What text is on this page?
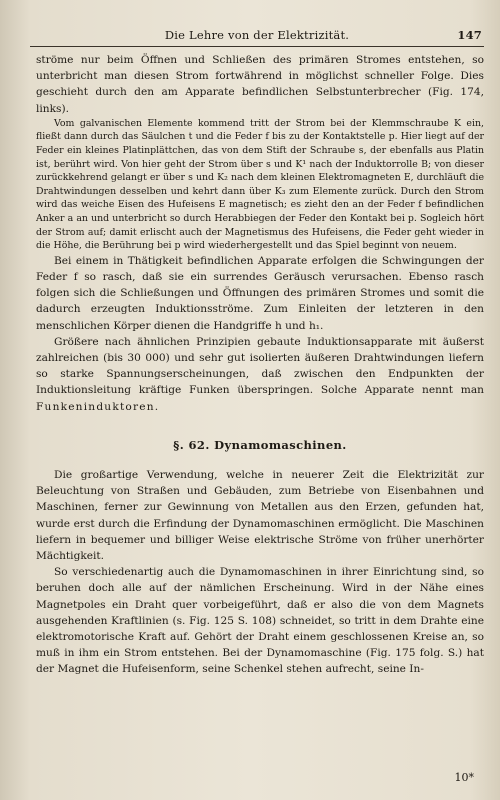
Die Lehre von der Elektrizität.	147

ströme nur beim Öffnen und Schließen des primären Stromes entstehen, so unterbricht man diesen Strom fortwährend in möglichst schneller Folge. Dies geschieht durch den am Apparate befindlichen Selbstunterbrecher (Fig. 174, links).

Vom galvanischen Elemente kommend tritt der Strom bei der Klemmschraube K ein, fließt dann durch das Säulchen t und die Feder f bis zu der Kontaktstelle p. Hier liegt auf der Feder ein kleines Platinplättchen, das von dem Stift der Schraube s, der ebenfalls aus Platin ist, berührt wird. Von hier geht der Strom über s und K¹ nach der Induktorrolle B; von dieser zurückkehrend gelangt er über s und K₂ nach dem kleinen Elektromagneten E, durchläuft die Drahtwindungen desselben und kehrt dann über K₃ zum Elemente zurück. Durch den Strom wird das weiche Eisen des Hufeisens E magnetisch; es zieht den an der Feder f befindlichen Anker a an und unterbricht so durch Herabbiegen der Feder den Kontakt bei p. Sogleich hört der Strom auf; damit erlischt auch der Magnetismus des Hufeisens, die Feder geht wieder in die Höhe, die Berührung bei p wird wiederhergestellt und das Spiel beginnt von neuem.

Bei einem in Thätigkeit befindlichen Apparate erfolgen die Schwingungen der Feder f so rasch, daß sie ein surrendes Geräusch verursachen. Ebenso rasch folgen sich die Schließungen und Öffnungen des primären Stromes und somit die dadurch erzeugten Induktionsströme. Zum Einleiten der letzteren in den menschlichen Körper dienen die Handgriffe h und h₁.

Größere nach ähnlichen Prinzipien gebaute Induktionsapparate mit äußerst zahlreichen (bis 30 000) und sehr gut isolierten äußeren Drahtwindungen liefern so starke Spannungserscheinungen, daß zwischen den Endpunkten der Induktionsleitung kräftige Funken überspringen. Solche Apparate nennt man Funkeninduktoren.

§. 62. Dynamomaschinen.

Die großartige Verwendung, welche in neuerer Zeit die Elektrizität zur Beleuchtung von Straßen und Gebäuden, zum Betriebe von Eisenbahnen und Maschinen, ferner zur Gewinnung von Metallen aus den Erzen, gefunden hat, wurde erst durch die Erfindung der Dynamomaschinen ermöglicht. Die Maschinen liefern in bequemer und billiger Weise elektrische Ströme von früher unerhörter Mächtigkeit.

So verschiedenartig auch die Dynamomaschinen in ihrer Einrichtung sind, so beruhen doch alle auf der nämlichen Erscheinung. Wird in der Nähe eines Magnetpoles ein Draht quer vorbeigeführt, daß er also die von dem Magnets ausgehenden Kraftlinien (s. Fig. 125 S. 108) schneidet, so tritt in dem Drahte eine elektromotorische Kraft auf. Gehört der Draht einem geschlossenen Kreise an, so muß in ihm ein Strom entstehen. Bei der Dynamomaschine (Fig. 175 folg. S.) hat der Magnet die Hufeisenform, seine Schenkel stehen aufrecht, seine In-

10*
